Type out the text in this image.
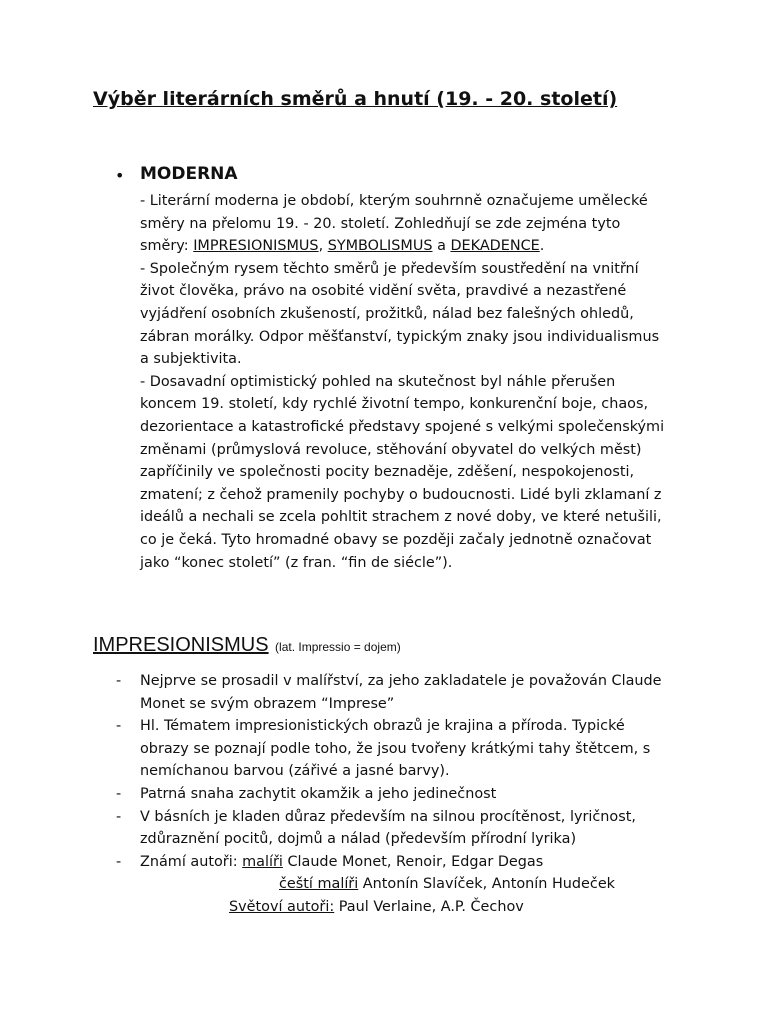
Výběr literárních směrů a hnutí (19. - 20. století)
• MODERNA
- Literární moderna je období, kterým souhrnně označujeme umělecké
směry na přelomu 19. - 20. století. Zohledňují se zde zejména tyto
směry: IMPRESIONISMUS, SYMBOLISMUS a DEKADENCE.
- Společným rysem těchto směrů je především soustředění na vnitřní
život člověka, právo na osobité vidění světa, pravdivé a nezastřené
vyjádření osobních zkušeností, prožitků, nálad bez falešných ohledů,
zábran morálky. Odpor měšťanství, typickým znaky jsou individualismus
a subjektivita.
- Dosavadní optimistický pohled na skutečnost byl náhle přerušen
koncem 19. století, kdy rychlé životní tempo, konkurenční boje, chaos,
dezorientace a katastrofické představy spojené s velkými společenskými
změnami (průmyslová revoluce, stěhování obyvatel do velkých měst)
zapříčinily ve společnosti pocity beznaděje, zděšení, nespokojenosti,
zmatení; z čehož pramenily pochyby o budoucnosti. Lidé byli zklamaní z
ideálů a nechali se zcela pohltit strachem z nové doby, ve které netušili,
co je čeká. Tyto hromadné obavy se později začaly jednotně označovat
jako “konec století” (z fran. “fin de siécle”).
IMPRESIONISMUS (lat. Impressio = dojem)
- Nejprve se prosadil v malířství, za jeho zakladatele je považován Claude
Monet se svým obrazem “Imprese”
- Hl. Tématem impresionistických obrazů je krajina a příroda. Typické
obrazy se poznají podle toho, že jsou tvořeny krátkými tahy štětcem, s
nemíchanou barvou (zářivé a jasné barvy).
- Patrná snaha zachytit okamžik a jeho jedinečnost
- V básních je kladen důraz především na silnou procítěnost, lyričnost,
zdůraznění pocitů, dojmů a nálad (především přírodní lyrika)
- Známí autoři: malíři Claude Monet, Renoir, Edgar Degas
čeští malíři Antonín Slavíček, Antonín Hudeček
Světoví autoři: Paul Verlaine, A.P. Čechov
